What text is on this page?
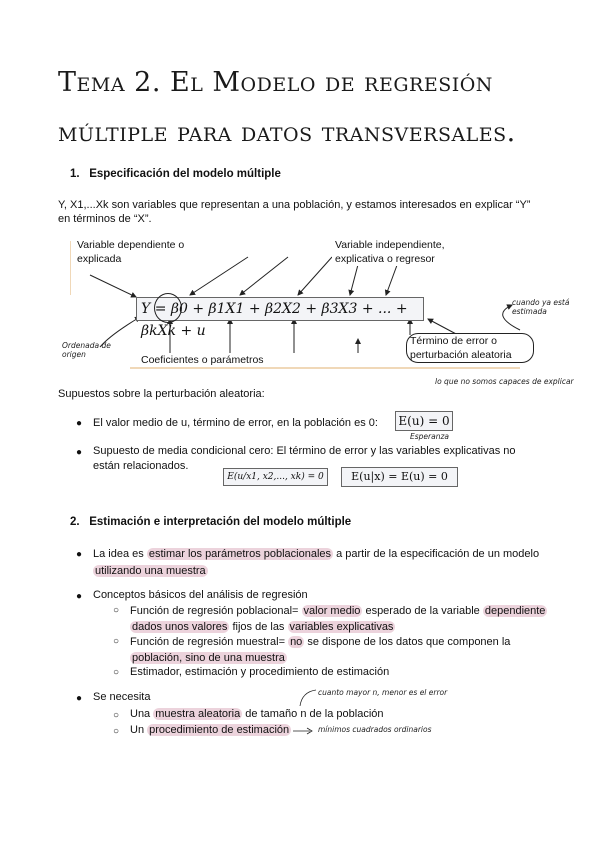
Tema 2. El Modelo de regresión múltiple para datos transversales.
1. Especificación del modelo múltiple
Y, X1,...Xk son variables que representan a una población, y estamos interesados en explicar “Y”
en términos de “X”.
Variable dependiente o explicada
Variable independiente, explicativa o regresor
Y = β0 + β1X1 + β2X2 + β3X3 + ... + βkXk + u
Coeficientes o parámetros
Término de error o perturbación aleatoria
Ordenada de origen
cuando ya está estimada
lo que no somos capaces de explicar
Supuestos sobre la perturbación aleatoria:
● El valor medio de u, término de error, en la población es 0: E(u) = 0
Esperanza
● Supuesto de media condicional cero: El término de error y las variables explicativas no
están relacionados.
E(u/x1, x2,..., xk) = 0	E(u|x) = E(u) = 0
2. Estimación e interpretación del modelo múltiple
● La idea es estimar los parámetros poblacionales a partir de la especificación de un modelo
utilizando una muestra
● Conceptos básicos del análisis de regresión
○ Función de regresión poblacional= valor medio esperado de la variable dependiente
dados unos valores fijos de las variables explicativas
○ Función de regresión muestral= no se dispone de los datos que componen la
población, sino de una muestra
○ Estimador, estimación y procedimiento de estimación
● Se necesita	cuanto mayor n, menor es el error
○ Una muestra aleatoria de tamaño n de la población
○ Un procedimiento de estimación	mínimos cuadrados ordinarios
